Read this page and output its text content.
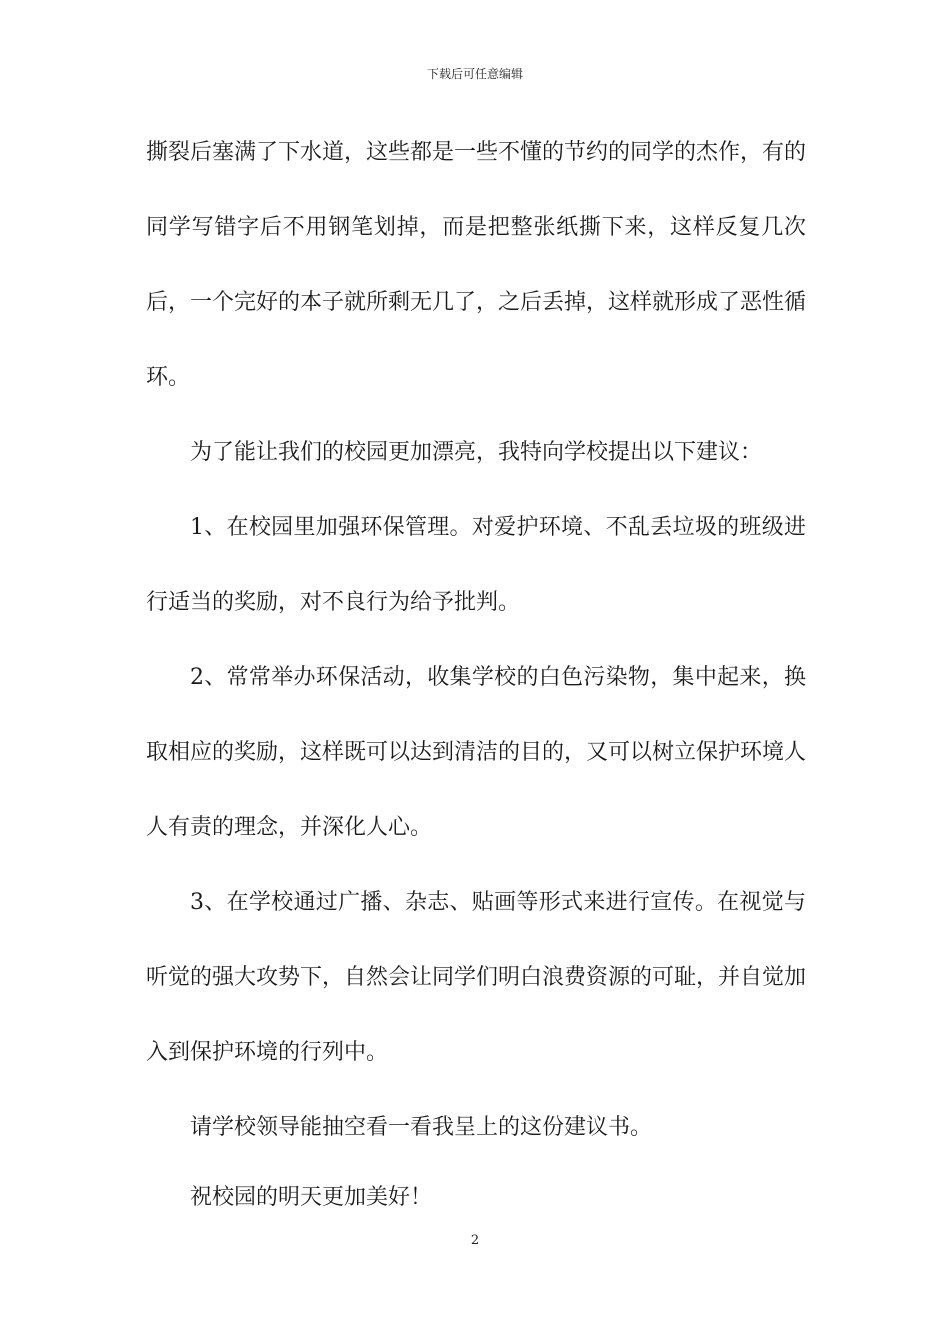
下载后可任意编辑

撕裂后塞满了下水道，这些都是一些不懂的节约的同学的杰作，有的同学写错字后不用钢笔划掉，而是把整张纸撕下来，这样反复几次后，一个完好的本子就所剩无几了，之后丢掉，这样就形成了恶性循环。

为了能让我们的校园更加漂亮，我特向学校提出以下建议：

1、在校园里加强环保管理。对爱护环境、不乱丢垃圾的班级进行适当的奖励，对不良行为给予批判。

2、常常举办环保活动，收集学校的白色污染物，集中起来，换取相应的奖励，这样既可以达到清洁的目的，又可以树立保护环境人人有责的理念，并深化人心。

3、在学校通过广播、杂志、贴画等形式来进行宣传。在视觉与听觉的强大攻势下，自然会让同学们明白浪费资源的可耻，并自觉加入到保护环境的行列中。

请学校领导能抽空看一看我呈上的这份建议书。

祝校园的明天更加美好！

2
